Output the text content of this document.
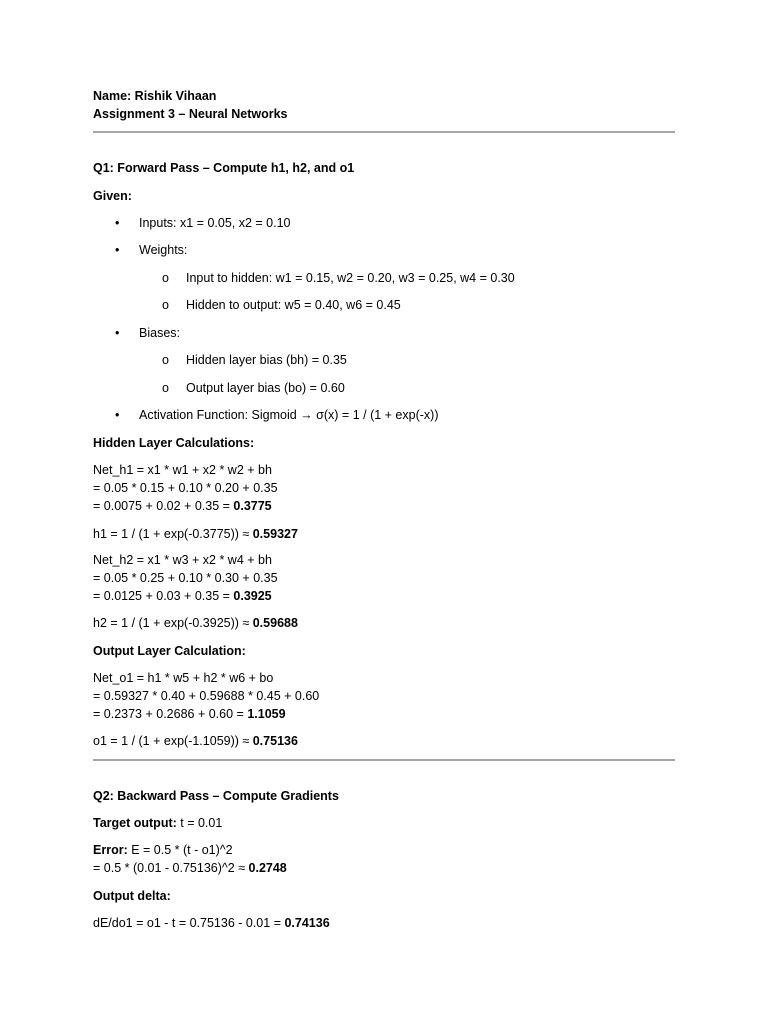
Name: Rishik Vihaan
Assignment 3 – Neural Networks
Q1: Forward Pass – Compute h1, h2, and o1
Given:
• Inputs: x1 = 0.05, x2 = 0.10
• Weights:
o Input to hidden: w1 = 0.15, w2 = 0.20, w3 = 0.25, w4 = 0.30
o Hidden to output: w5 = 0.40, w6 = 0.45
• Biases:
o Hidden layer bias (bh) = 0.35
o Output layer bias (bo) = 0.60
• Activation Function: Sigmoid → σ(x) = 1 / (1 + exp(-x))
Hidden Layer Calculations:
Net_h1 = x1 * w1 + x2 * w2 + bh
= 0.05 * 0.15 + 0.10 * 0.20 + 0.35
= 0.0075 + 0.02 + 0.35 = 0.3775
h1 = 1 / (1 + exp(-0.3775)) ≈ 0.59327
Net_h2 = x1 * w3 + x2 * w4 + bh
= 0.05 * 0.25 + 0.10 * 0.30 + 0.35
= 0.0125 + 0.03 + 0.35 = 0.3925
h2 = 1 / (1 + exp(-0.3925)) ≈ 0.59688
Output Layer Calculation:
Net_o1 = h1 * w5 + h2 * w6 + bo
= 0.59327 * 0.40 + 0.59688 * 0.45 + 0.60
= 0.2373 + 0.2686 + 0.60 = 1.1059
o1 = 1 / (1 + exp(-1.1059)) ≈ 0.75136
Q2: Backward Pass – Compute Gradients
Target output: t = 0.01
Error: E = 0.5 * (t - o1)^2
= 0.5 * (0.01 - 0.75136)^2 ≈ 0.2748
Output delta:
dE/do1 = o1 - t = 0.75136 - 0.01 = 0.74136
